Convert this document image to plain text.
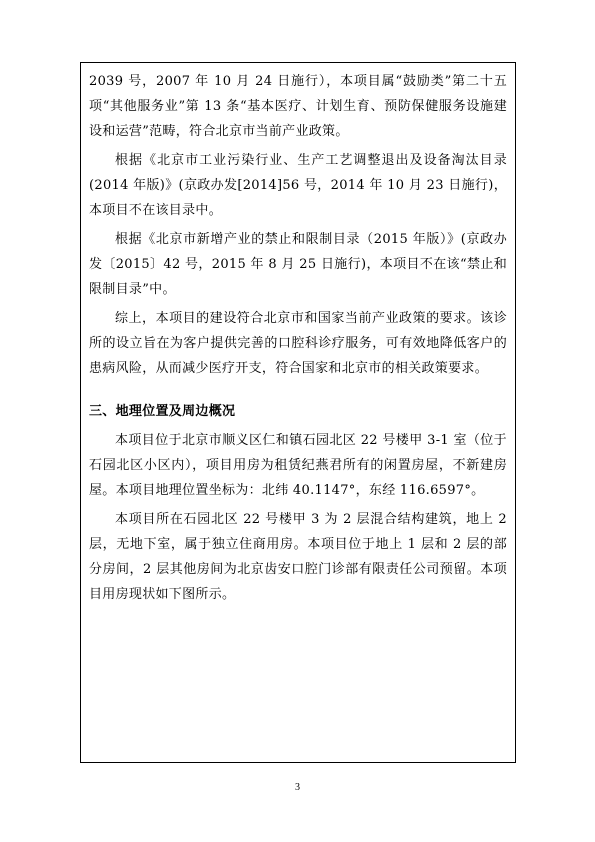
2039 号，2007 年 10 月 24 日施行），本项目属“鼓励类”第二十五项“其他服务业”第 13 条“基本医疗、计划生育、预防保健服务设施建设和运营”范畴，符合北京市当前产业政策。

根据《北京市工业污染行业、生产工艺调整退出及设备淘汰目录(2014 年版)》(京政办发[2014]56 号，2014 年 10 月 23 日施行)，本项目不在该目录中。

根据《北京市新增产业的禁止和限制目录（2015 年版）》(京政办发〔2015〕42 号，2015 年 8 月 25 日施行)，本项目不在该“禁止和限制目录”中。

综上，本项目的建设符合北京市和国家当前产业政策的要求。该诊所的设立旨在为客户提供完善的口腔科诊疗服务，可有效地降低客户的患病风险，从而减少医疗开支，符合国家和北京市的相关政策要求。

三、地理位置及周边概况

本项目位于北京市顺义区仁和镇石园北区 22 号楼甲 3-1 室（位于石园北区小区内），项目用房为租赁纪燕君所有的闲置房屋，不新建房屋。本项目地理位置坐标为：北纬 40.1147°，东经 116.6597°。

本项目所在石园北区 22 号楼甲 3 为 2 层混合结构建筑，地上 2 层，无地下室，属于独立住商用房。本项目位于地上 1 层和 2 层的部分房间，2 层其他房间为北京齿安口腔门诊部有限责任公司预留。本项目用房现状如下图所示。

3
